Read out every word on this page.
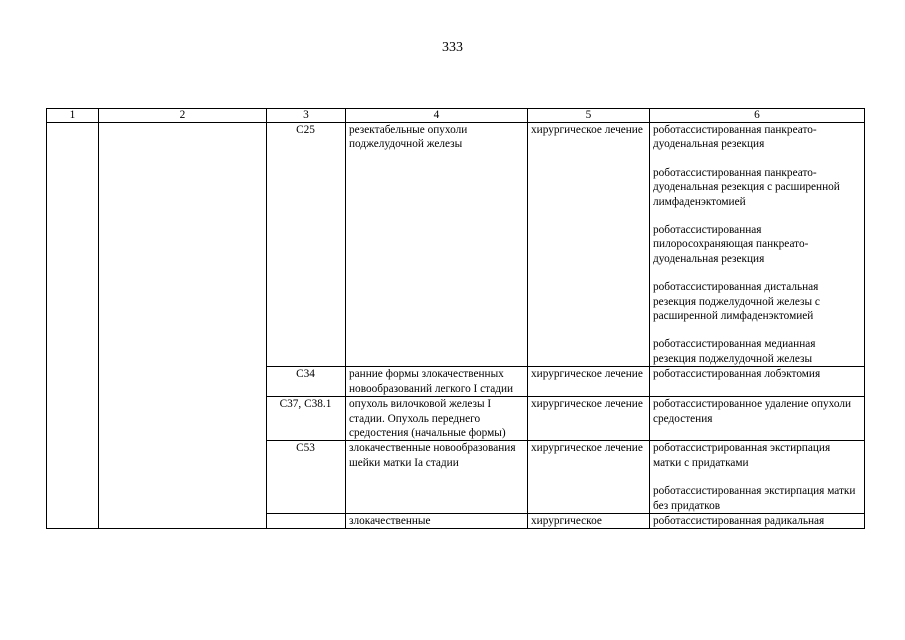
333
1	2	3	4	5	6
		C25	резектабельные опухоли поджелудочной железы	хирургическое лечение	роботассистированная панкреато-дуоденальная резекция
роботассистированная панкреато-дуоденальная резекция с расширенной лимфаденэктомией
роботассистированная пилоросохраняющая панкреато-дуоденальная резекция
роботассистированная дистальная резекция поджелудочной железы с расширенной лимфаденэктомией
роботассистированная медианная резекция поджелудочной железы

		C34	ранние формы злокачественных новообразований легкого I стадии	хирургическое лечение	роботассистированная лобэктомия

		C37, C38.1	опухоль вилочковой железы I стадии. Опухоль переднего средостения (начальные формы)	хирургическое лечение	роботассистированное удаление опухоли средостения

		C53	злокачественные новообразования шейки матки Ia стадии	хирургическое лечение	роботассистрированная экстирпация матки с придатками
роботассистированная экстирпация матки без придатков

			злокачественные	хирургическое	роботассистированная радикальная
